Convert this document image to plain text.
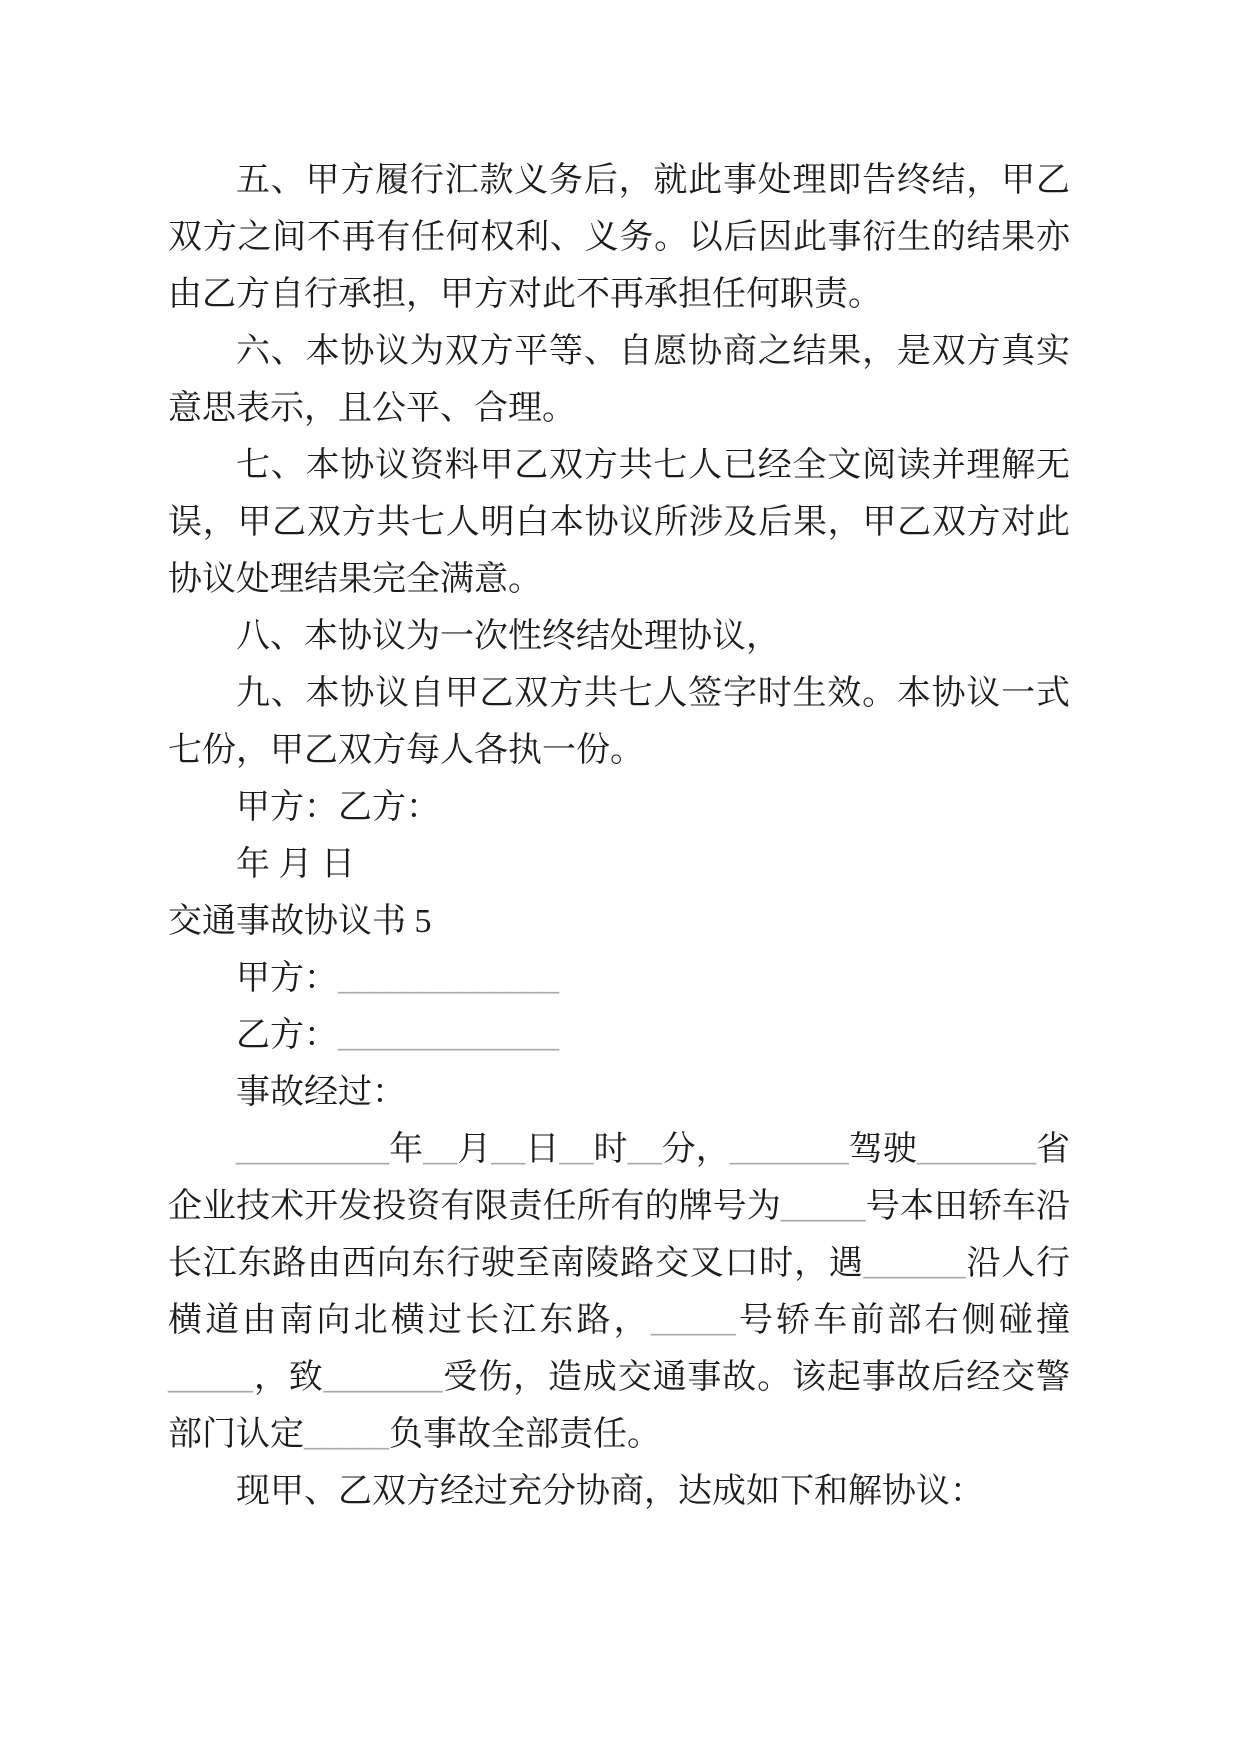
五、甲方履行汇款义务后，就此事处理即告终结，甲乙双方之间不再有任何权利、义务。以后因此事衍生的结果亦由乙方自行承担，甲方对此不再承担任何职责。

六、本协议为双方平等、自愿协商之结果，是双方真实意思表示，且公平、合理。

七、本协议资料甲乙双方共七人已经全文阅读并理解无误，甲乙双方共七人明白本协议所涉及后果，甲乙双方对此协议处理结果完全满意。

八、本协议为一次性终结处理协议，

九、本协议自甲乙双方共七人签字时生效。本协议一式七份，甲乙双方每人各执一份。

甲方：乙方：

年 月 日

交通事故协议书 5

甲方：_____________

乙方：_____________

事故经过：

_________年__月__日__时__分，_______驾驶_______省企业技术开发投资有限责任所有的牌号为_____号本田轿车沿长江东路由西向东行驶至南陵路交叉口时，遇______沿人行横道由南向北横过长江东路，_____号轿车前部右侧碰撞_____，致_______受伤，造成交通事故。该起事故后经交警部门认定_____负事故全部责任。

现甲、乙双方经过充分协商，达成如下和解协议：
